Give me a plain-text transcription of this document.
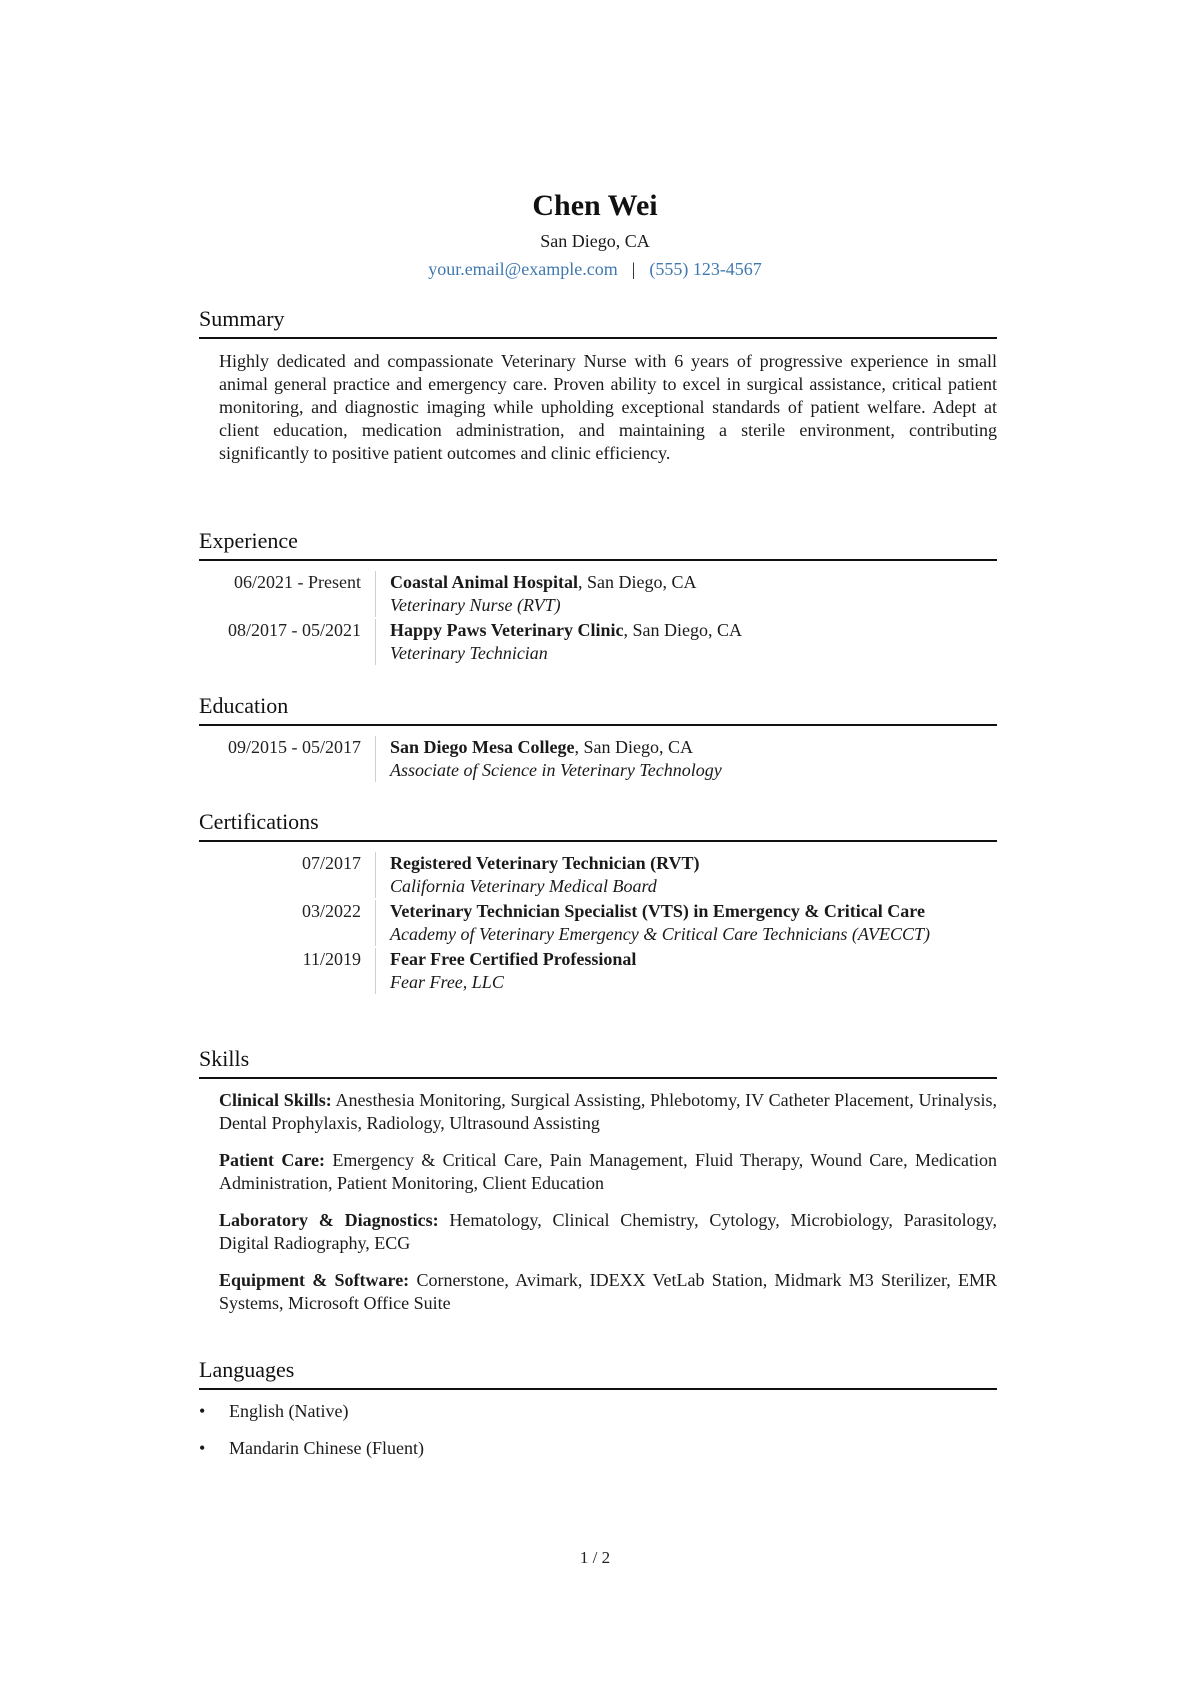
Chen Wei
San Diego, CA
your.email@example.com | (555) 123-4567
Summary
Highly dedicated and compassionate Veterinary Nurse with 6 years of progressive experience in small animal general practice and emergency care. Proven ability to excel in surgical assistance, critical patient monitoring, and diagnostic imaging while upholding exceptional standards of patient welfare. Adept at client education, medication administration, and maintaining a sterile environment, contributing significantly to positive patient outcomes and clinic efficiency.
Experience
06/2021 - Present	Coastal Animal Hospital, San Diego, CA
Veterinary Nurse (RVT)
08/2017 - 05/2021	Happy Paws Veterinary Clinic, San Diego, CA
Veterinary Technician
Education
09/2015 - 05/2017	San Diego Mesa College, San Diego, CA
Associate of Science in Veterinary Technology
Certifications
07/2017	Registered Veterinary Technician (RVT)
California Veterinary Medical Board
03/2022	Veterinary Technician Specialist (VTS) in Emergency & Critical Care
Academy of Veterinary Emergency & Critical Care Technicians (AVECCT)
11/2019	Fear Free Certified Professional
Fear Free, LLC
Skills
Clinical Skills: Anesthesia Monitoring, Surgical Assisting, Phlebotomy, IV Catheter Placement, Urinalysis, Dental Prophylaxis, Radiology, Ultrasound Assisting
Patient Care: Emergency & Critical Care, Pain Management, Fluid Therapy, Wound Care, Medication Administration, Patient Monitoring, Client Education
Laboratory & Diagnostics: Hematology, Clinical Chemistry, Cytology, Microbiology, Parasitology, Digital Radiography, ECG
Equipment & Software: Cornerstone, Avimark, IDEXX VetLab Station, Midmark M3 Sterilizer, EMR Systems, Microsoft Office Suite
Languages
•	English (Native)
•	Mandarin Chinese (Fluent)
1 / 2
